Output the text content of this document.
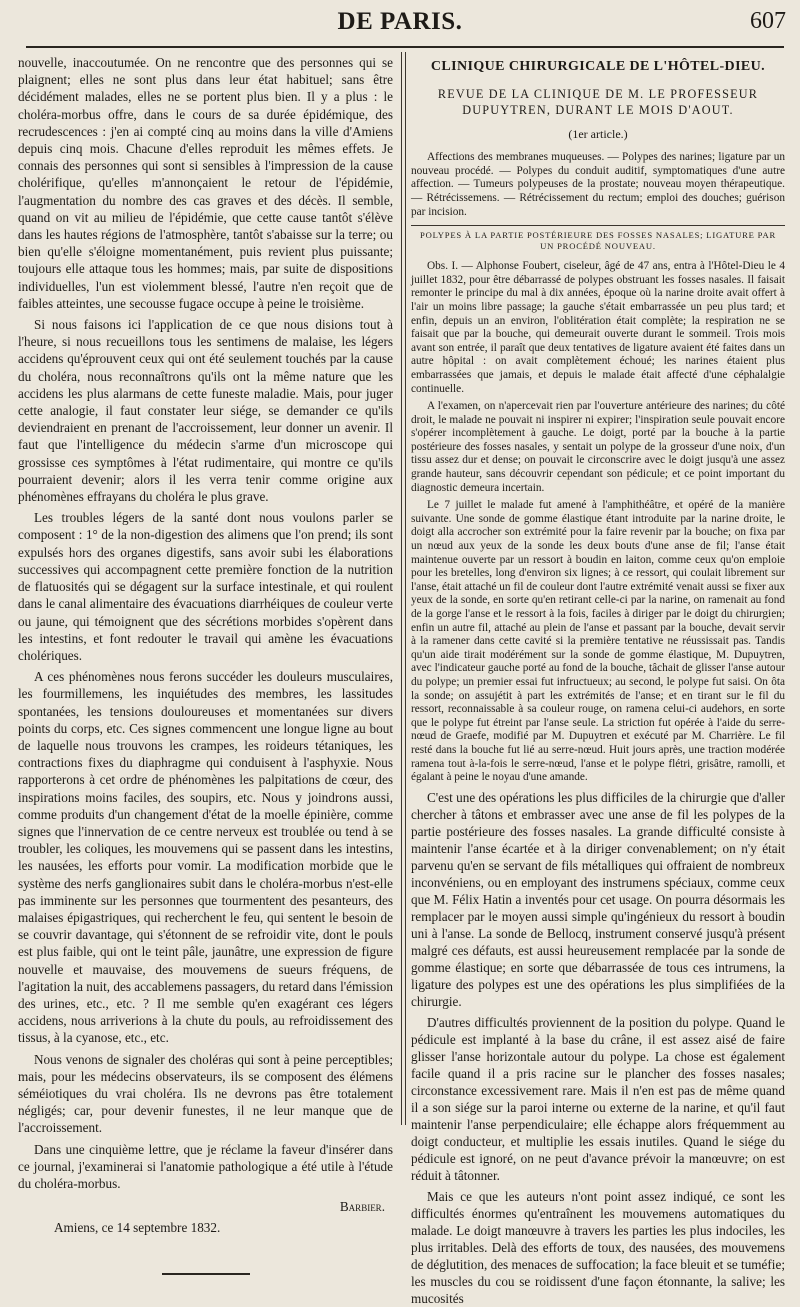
DE PARIS.	607

nouvelle, inaccoutumée. On ne rencontre que des personnes qui se plaignent; elles ne sont plus dans leur état habituel; sans être décidément malades, elles ne se portent plus bien. Il y a plus : le choléra-morbus offre, dans le cours de sa durée épidémique, des recrudescences : j'en ai compté cinq au moins dans la ville d'Amiens depuis cinq mois. Chacune d'elles reproduit les mêmes effets. Je connais des personnes qui sont si sensibles à l'impression de la cause cholérifique, qu'elles m'annonçaient le retour de l'épidémie, l'augmentation du nombre des cas graves et des décès. Il semble, quand on vit au milieu de l'épidémie, que cette cause tantôt s'élève dans les hautes régions de l'atmosphère, tantôt s'abaisse sur la terre; ou bien qu'elle s'éloigne momentanément, puis revient plus puissante; toujours elle attaque tous les hommes; mais, par suite de dispositions individuelles, l'un est violemment blessé, l'autre n'en reçoit que de faibles atteintes, une secousse fugace occupe à peine le troisième.

Si nous faisons ici l'application de ce que nous disions tout à l'heure, si nous recueillons tous les sentimens de malaise, les légers accidens qu'éprouvent ceux qui ont été seulement touchés par la cause du choléra, nous reconnaîtrons qu'ils ont la même nature que les accidens les plus alarmans de cette funeste maladie. Mais, pour juger cette analogie, il faut constater leur siége, se demander ce qu'ils deviendraient en prenant de l'accroissement, leur donner un avenir. Il faut que l'intelligence du médecin s'arme d'un microscope qui grossisse ces symptômes à l'état rudimentaire, qui montre ce qu'ils pourraient devenir; alors il les verra tenir comme origine aux phénomènes effrayans du choléra le plus grave.

Les troubles légers de la santé dont nous voulons parler se composent : 1° de la non-digestion des alimens que l'on prend; ils sont expulsés hors des organes digestifs, sans avoir subi les élaborations successives qui accompagnent cette première fonction de la nutrition de flatuosités qui se dégagent sur la surface intestinale, et qui roulent dans le canal alimentaire des évacuations diarrhéiques de couleur verte ou jaune, qui témoignent que des sécrétions morbides s'opèrent dans les intestins, et font redouter le travail qui amène les évacuations cholériques.

A ces phénomènes nous ferons succéder les douleurs musculaires, les fourmillemens, les inquiétudes des membres, les lassitudes spontanées, les tensions douloureuses et momentanées sur divers points du corps, etc. Ces signes commencent une longue ligne au bout de laquelle nous trouvons les crampes, les roideurs tétaniques, les contractions fixes du diaphragme qui conduisent à l'asphyxie. Nous rapporterons à cet ordre de phénomènes les palpitations de cœur, des inspirations moins faciles, des soupirs, etc. Nous y joindrons aussi, comme produits d'un changement d'état de la moelle épinière, comme signes que l'innervation de ce centre nerveux est troublée ou tend à se troubler, les coliques, les mouvemens qui se passent dans les intestins, les nausées, les efforts pour vomir. La modification morbide que le système des nerfs ganglionaires subit dans le choléra-morbus n'est-elle pas imminente sur les personnes que tourmentent des pesanteurs, des malaises épigastriques, qui recherchent le feu, qui sentent le besoin de se couvrir davantage, qui s'étonnent de se refroidir vite, dont le pouls est plus faible, qui ont le teint pâle, jaunâtre, une expression de figure nouvelle et mauvaise, des mouvemens de sueurs fréquens, de l'agitation la nuit, des accablemens passagers, du retard dans l'émission des urines, etc., etc. ? Il me semble qu'en exagérant ces légers accidens, nous arriverions à la chute du pouls, au refroidissement des tissus, à la cyanose, etc., etc.

Nous venons de signaler des choléras qui sont à peine perceptibles; mais, pour les médecins observateurs, ils se composent des élémens séméiotiques du vrai choléra. Ils ne devrons pas être totalement négligés; car, pour devenir funestes, il ne leur manque que de l'accroissement.

Dans une cinquième lettre, que je réclame la faveur d'insérer dans ce journal, j'examinerai si l'anatomie pathologique a été utile à l'étude du choléra-morbus.

Barbier.
Amiens, ce 14 septembre 1832.
CLINIQUE CHIRURGICALE DE L'HÔTEL-DIEU.
REVUE DE LA CLINIQUE DE M. LE PROFESSEUR DUPUYTREN, DURANT LE MOIS D'AOUT.
(1er article.)

Affections des membranes muqueuses. — Polypes des narines; ligature par un nouveau procédé. — Polypes du conduit auditif, symptomatiques d'une autre affection. — Tumeurs polypeuses de la prostate; nouveau moyen thérapeutique. — Rétrécissemens. — Rétrécissement du rectum; emploi des douches; guérison par incision.

POLYPES À LA PARTIE POSTÉRIEURE DES FOSSES NASALES; LIGATURE PAR UN PROCÉDÉ NOUVEAU.

Obs. I. — Alphonse Foubert, ciseleur, âgé de 47 ans, entra à l'Hôtel-Dieu le 4 juillet 1832, pour être débarrassé de polypes obstruant les fosses nasales. Il faisait remonter le principe du mal à dix années, époque où la narine droite avait offert à l'air un moins libre passage; la gauche s'était embarrassée un peu plus tard; et enfin, depuis un an environ, l'oblitération était complète; la respiration ne se faisait que par la bouche, qui demeurait ouverte durant le sommeil. Trois mois avant son entrée, il paraît que deux tentatives de ligature avaient été faites dans un autre hôpital : on avait complètement échoué; les narines étaient plus embarrassées que jamais, et depuis le malade était affecté d'une céphalalgie continuelle.

A l'examen, on n'apercevait rien par l'ouverture antérieure des narines; du côté droit, le malade ne pouvait ni inspirer ni expirer; l'inspiration seule pouvait encore s'opérer incomplètement à gauche. Le doigt, porté par la bouche à la partie postérieure des fosses nasales, y sentait un polype de la grosseur d'une noix, d'un tissu assez dur et dense; on pouvait le circonscrire avec le doigt jusqu'à une assez grande hauteur, sans découvrir cependant son pédicule; et ce point important du diagnostic demeura incertain.

Le 7 juillet le malade fut amené à l'amphithéâtre, et opéré de la manière suivante. Une sonde de gomme élastique étant introduite par la narine droite, le doigt alla accrocher son extrémité pour la faire revenir par la bouche; on fixa par un nœud aux yeux de la sonde les deux bouts d'une anse de fil; l'anse était maintenue ouverte par un ressort à boudin en laiton, comme ceux qu'on emploie pour les bretelles, long d'environ six lignes; à ce ressort, qui coulait librement sur l'anse, était attaché un fil de couleur dont l'autre extrémité venait aussi se fixer aux yeux de la sonde, en sorte qu'en retirant celle-ci par la narine, on ramenait au fond de la gorge l'anse et le ressort à la fois, faciles à diriger par le doigt du chirurgien; enfin un autre fil, attaché au plein de l'anse et passant par la bouche, devait servir à la ramener dans cette cavité si la première tentative ne réussissait pas. Tandis qu'un aide tirait modérément sur la sonde de gomme élastique, M. Dupuytren, avec l'indicateur gauche porté au fond de la bouche, tâchait de glisser l'anse autour du polype; un premier essai fut infructueux; au second, le polype fut saisi. On ôta la sonde; on assujétit à part les extrémités de l'anse; et en tirant sur le fil du ressort, reconnaissable à sa couleur rouge, on ramena celui-ci audehors, en sorte que le polype fut étreint par l'anse seule. La striction fut opérée à l'aide du serre-nœud de Graefe, modifié par M. Dupuytren et exécuté par M. Charrière. Le fil resté dans la bouche fut lié au serre-nœud. Huit jours après, une traction modérée ramena tout à-la-fois le serre-nœud, l'anse et le polype flétri, grisâtre, ramolli, et égalant à peine le noyau d'une amande.

C'est une des opérations les plus difficiles de la chirurgie que d'aller chercher à tâtons et embrasser avec une anse de fil les polypes de la partie postérieure des fosses nasales. La grande difficulté consiste à maintenir l'anse écartée et à la diriger convenablement; on n'y était parvenu qu'en se servant de fils métalliques qui offraient de nombreux inconvéniens, ou en employant des instrumens spéciaux, comme ceux que M. Félix Hatin a inventés pour cet usage. On pourra désormais les remplacer par le moyen aussi simple qu'ingénieux du ressort à boudin uni à l'anse. La sonde de Bellocq, instrument conservé jusqu'à présent malgré ces défauts, est aussi heureusement remplacée par la sonde de gomme élastique; en sorte que débarrassée de tous ces intrumens, la ligature des polypes est une des opérations les plus simplifiées de la chirurgie.

D'autres difficultés proviennent de la position du polype. Quand le pédicule est implanté à la base du crâne, il est assez aisé de faire glisser l'anse horizontale autour du polype. La chose est également facile quand il a pris racine sur le plancher des fosses nasales; circonstance excessivement rare. Mais il n'en est pas de même quand il a son siége sur la paroi interne ou externe de la narine, et qu'il faut maintenir l'anse perpendiculaire; elle échappe alors fréquemment au doigt conducteur, et multiplie les essais inutiles. Quand le siége du pédicule est ignoré, on ne peut d'avance prévoir la manœuvre; on est réduit à tâtonner.

Mais ce que les auteurs n'ont point assez indiqué, ce sont les difficultés énormes qu'entraînent les mouvemens automatiques du malade. Le doigt manœuvre à travers les parties les plus indociles, les plus irritables. Delà des efforts de toux, des nausées, des mouvemens de déglutition, des menaces de suffocation; la face bleuit et se tuméfie; les muscles du cou se roidissent d'une façon étonnante, la salive; les mucosités
